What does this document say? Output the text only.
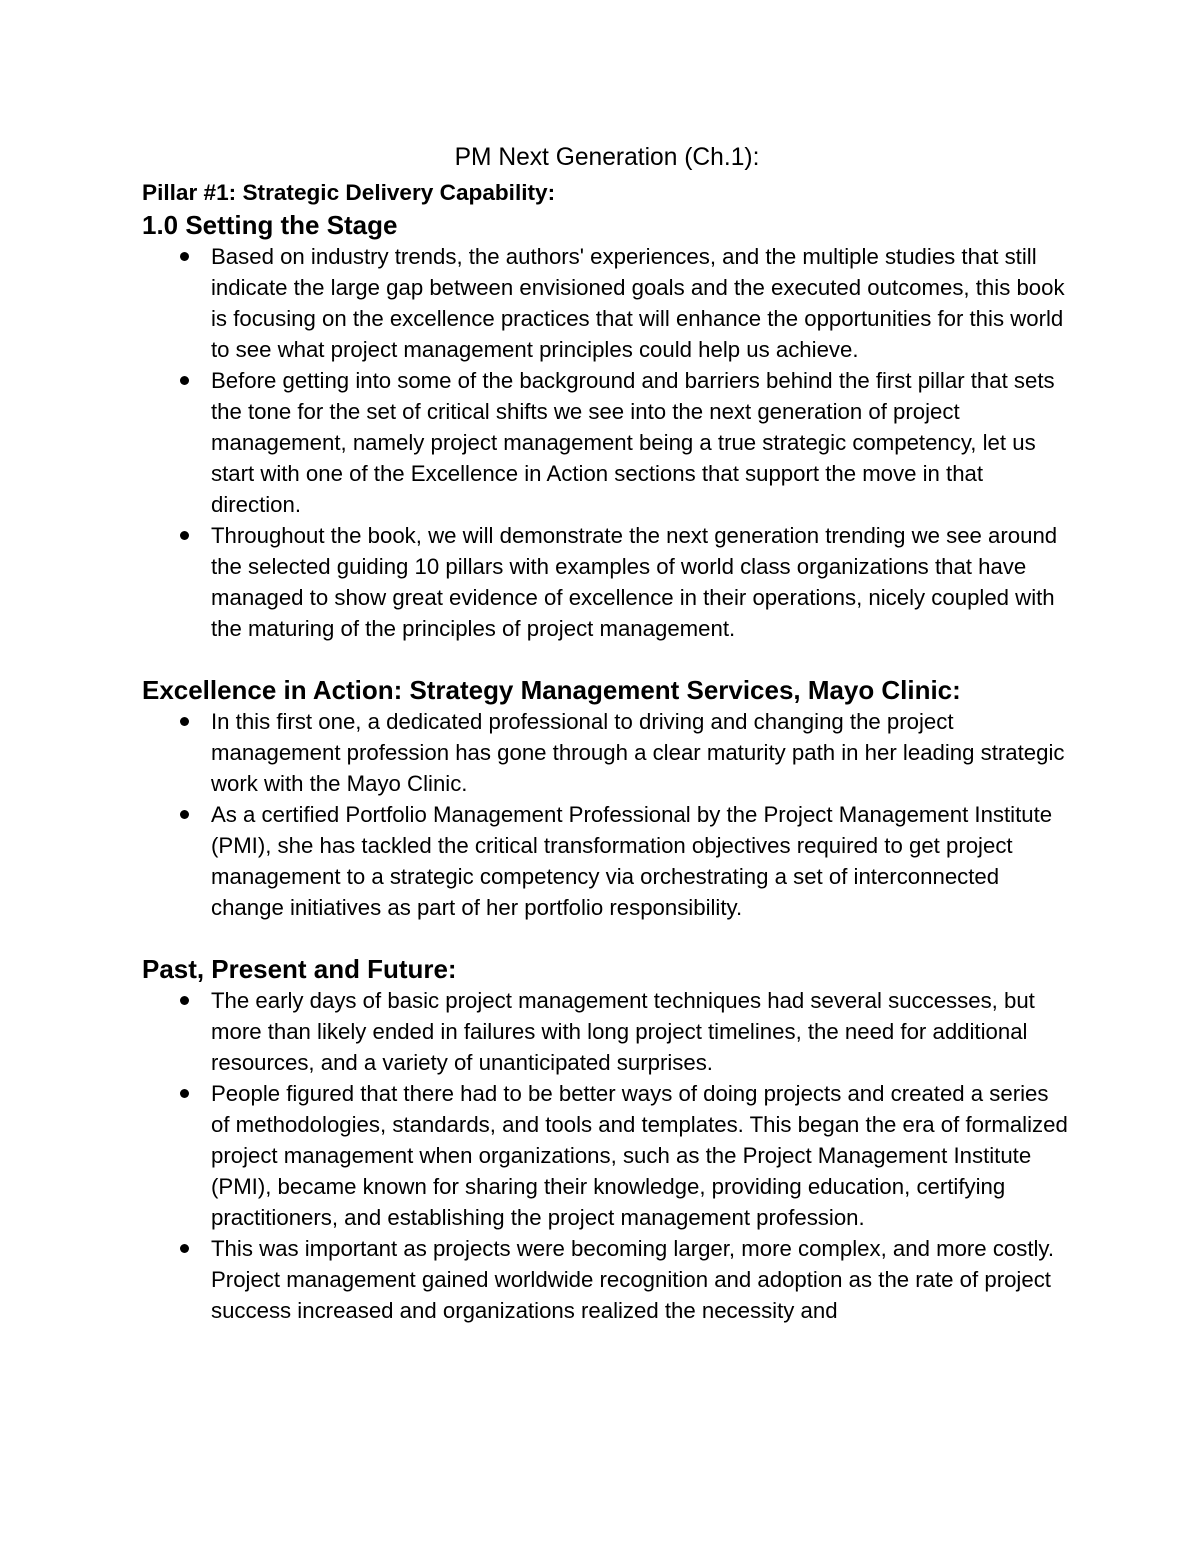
PM Next Generation (Ch.1):
Pillar #1: Strategic Delivery Capability:
1.0 Setting the Stage
Based on industry trends, the authors' experiences, and the multiple studies that still indicate the large gap between envisioned goals and the executed outcomes, this book is focusing on the excellence practices that will enhance the opportunities for this world to see what project management principles could help us achieve.
Before getting into some of the background and barriers behind the first pillar that sets the tone for the set of critical shifts we see into the next generation of project management, namely project management being a true strategic competency, let us start with one of the Excellence in Action sections that support the move in that direction.
Throughout the book, we will demonstrate the next generation trending we see around the selected guiding 10 pillars with examples of world class organizations that have managed to show great evidence of excellence in their operations, nicely coupled with the maturing of the principles of project management.
Excellence in Action: Strategy Management Services, Mayo Clinic:
In this first one, a dedicated professional to driving and changing the project management profession has gone through a clear maturity path in her leading strategic work with the Mayo Clinic.
As a certified Portfolio Management Professional by the Project Management Institute (PMI), she has tackled the critical transformation objectives required to get project management to a strategic competency via orchestrating a set of interconnected change initiatives as part of her portfolio responsibility.
Past, Present and Future:
The early days of basic project management techniques had several successes, but more than likely ended in failures with long project timelines, the need for additional resources, and a variety of unanticipated surprises.
People figured that there had to be better ways of doing projects and created a series of methodologies, standards, and tools and templates. This began the era of formalized project management when organizations, such as the Project Management Institute (PMI), became known for sharing their knowledge, providing education, certifying practitioners, and establishing the project management profession.
This was important as projects were becoming larger, more complex, and more costly. Project management gained worldwide recognition and adoption as the rate of project success increased and organizations realized the necessity and
